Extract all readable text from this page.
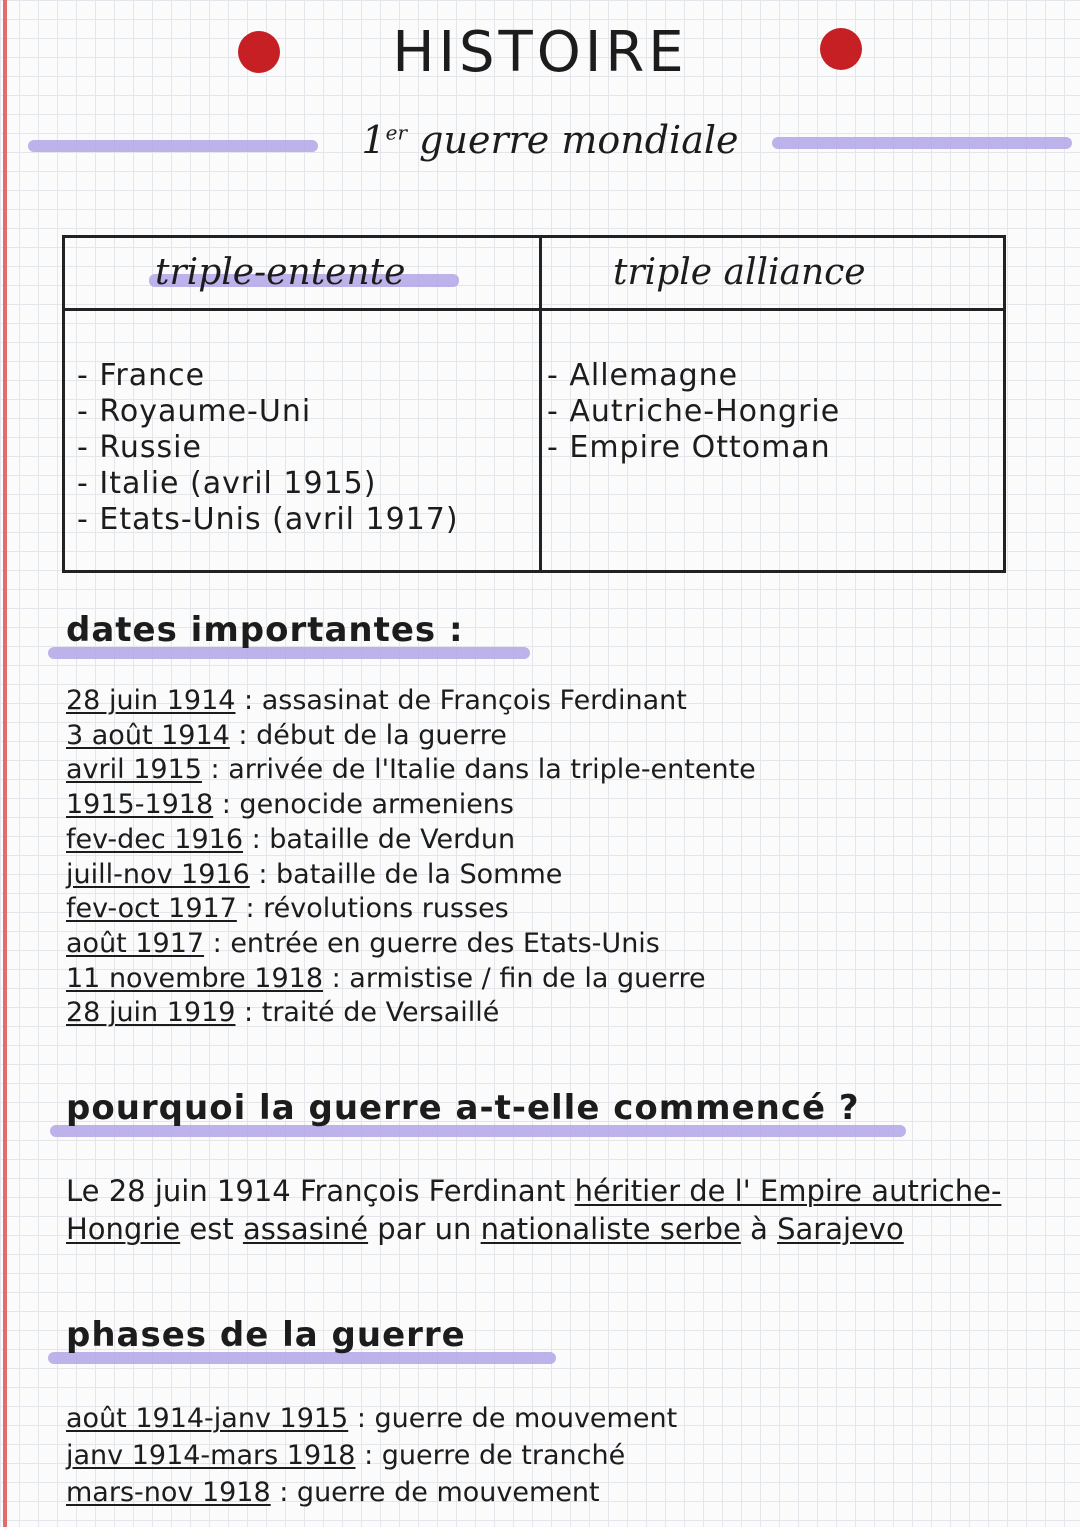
HISTOIRE
1er guerre mondiale
triple-entente	triple alliance
- France
- Royaume-Uni
- Russie
- Italie (avril 1915)
- Etats-Unis (avril 1917)
- Allemagne
- Autriche-Hongrie
- Empire Ottoman
dates importantes :
28 juin 1914 : assasinat de François Ferdinant
3 août 1914 : début de la guerre
avril 1915 : arrivée de l'Italie dans la triple-entente
1915-1918 : genocide armeniens
fev-dec 1916 : bataille de Verdun
juill-nov 1916 : bataille de la Somme
fev-oct 1917 : révolutions russes
août 1917 : entrée en guerre des Etats-Unis
11 novembre 1918 : armistise / fin de la guerre
28 juin 1919 : traité de Versaillé
pourquoi la guerre a-t-elle commencé ?
Le 28 juin 1914 François Ferdinant héritier de l' Empire autriche-Hongrie est assasiné par un nationaliste serbe à Sarajevo
phases de la guerre
août 1914-janv 1915 : guerre de mouvement
janv 1914-mars 1918 : guerre de tranché
mars-nov 1918 : guerre de mouvement
